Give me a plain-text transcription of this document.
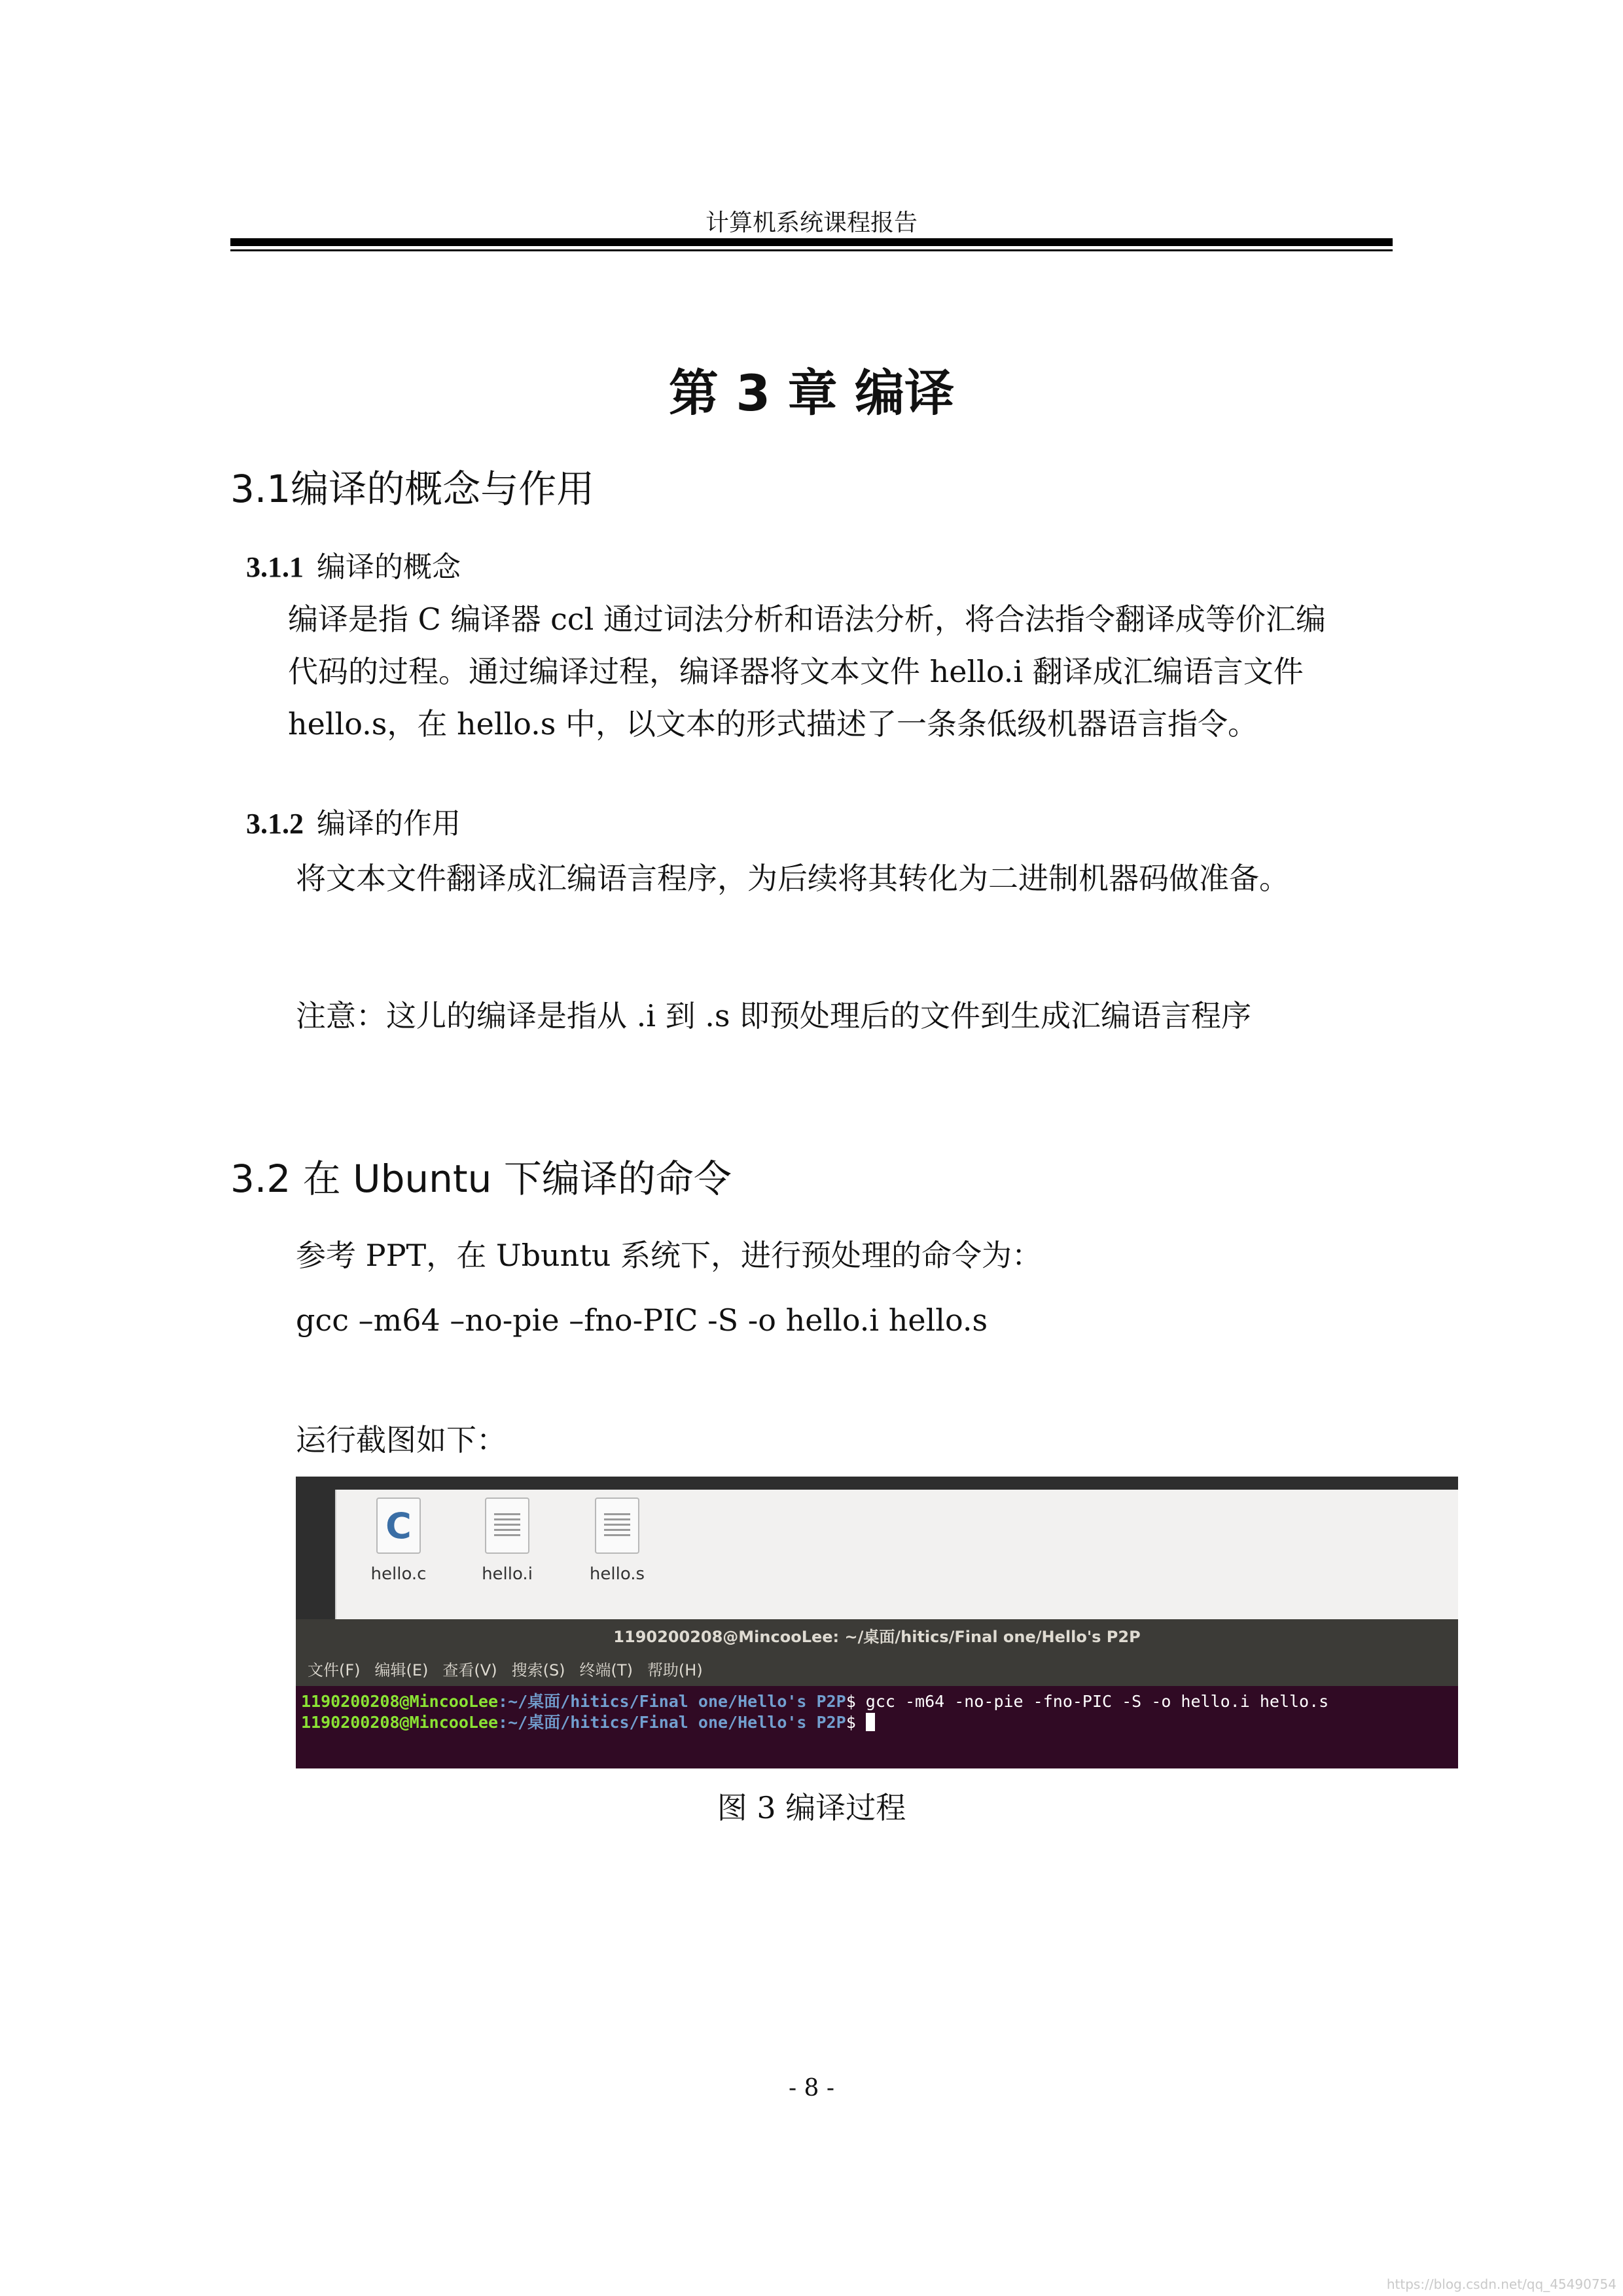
计算机系统课程报告
第 3 章 编译
3.1编译的概念与作用
3.1.1 编译的概念
编译是指 C 编译器 ccl 通过词法分析和语法分析，将合法指令翻译成等价汇编
代码的过程。通过编译过程，编译器将文本文件 hello.i 翻译成汇编语言文件
hello.s，在 hello.s 中，以文本的形式描述了一条条低级机器语言指令。
3.1.2 编译的作用
将文本文件翻译成汇编语言程序，为后续将其转化为二进制机器码做准备。
注意：这儿的编译是指从 .i 到 .s 即预处理后的文件到生成汇编语言程序
3.2 在 Ubuntu 下编译的命令
参考 PPT，在 Ubuntu 系统下，进行预处理的命令为：
gcc –m64 –no-pie –fno-PIC -S -o hello.i hello.s
运行截图如下：
C
hello.c	hello.i	hello.s
1190200208@MincooLee: ~/桌面/hitics/Final one/Hello's P2P
文件(F) 编辑(E) 查看(V) 搜索(S) 终端(T) 帮助(H)
1190200208@MincooLee:~/桌面/hitics/Final one/Hello's P2P$ gcc -m64 -no-pie -fno-PIC -S -o hello.i hello.s
1190200208@MincooLee:~/桌面/hitics/Final one/Hello's P2P$
图 3 编译过程
- 8 -
https://blog.csdn.net/qq_45490754
